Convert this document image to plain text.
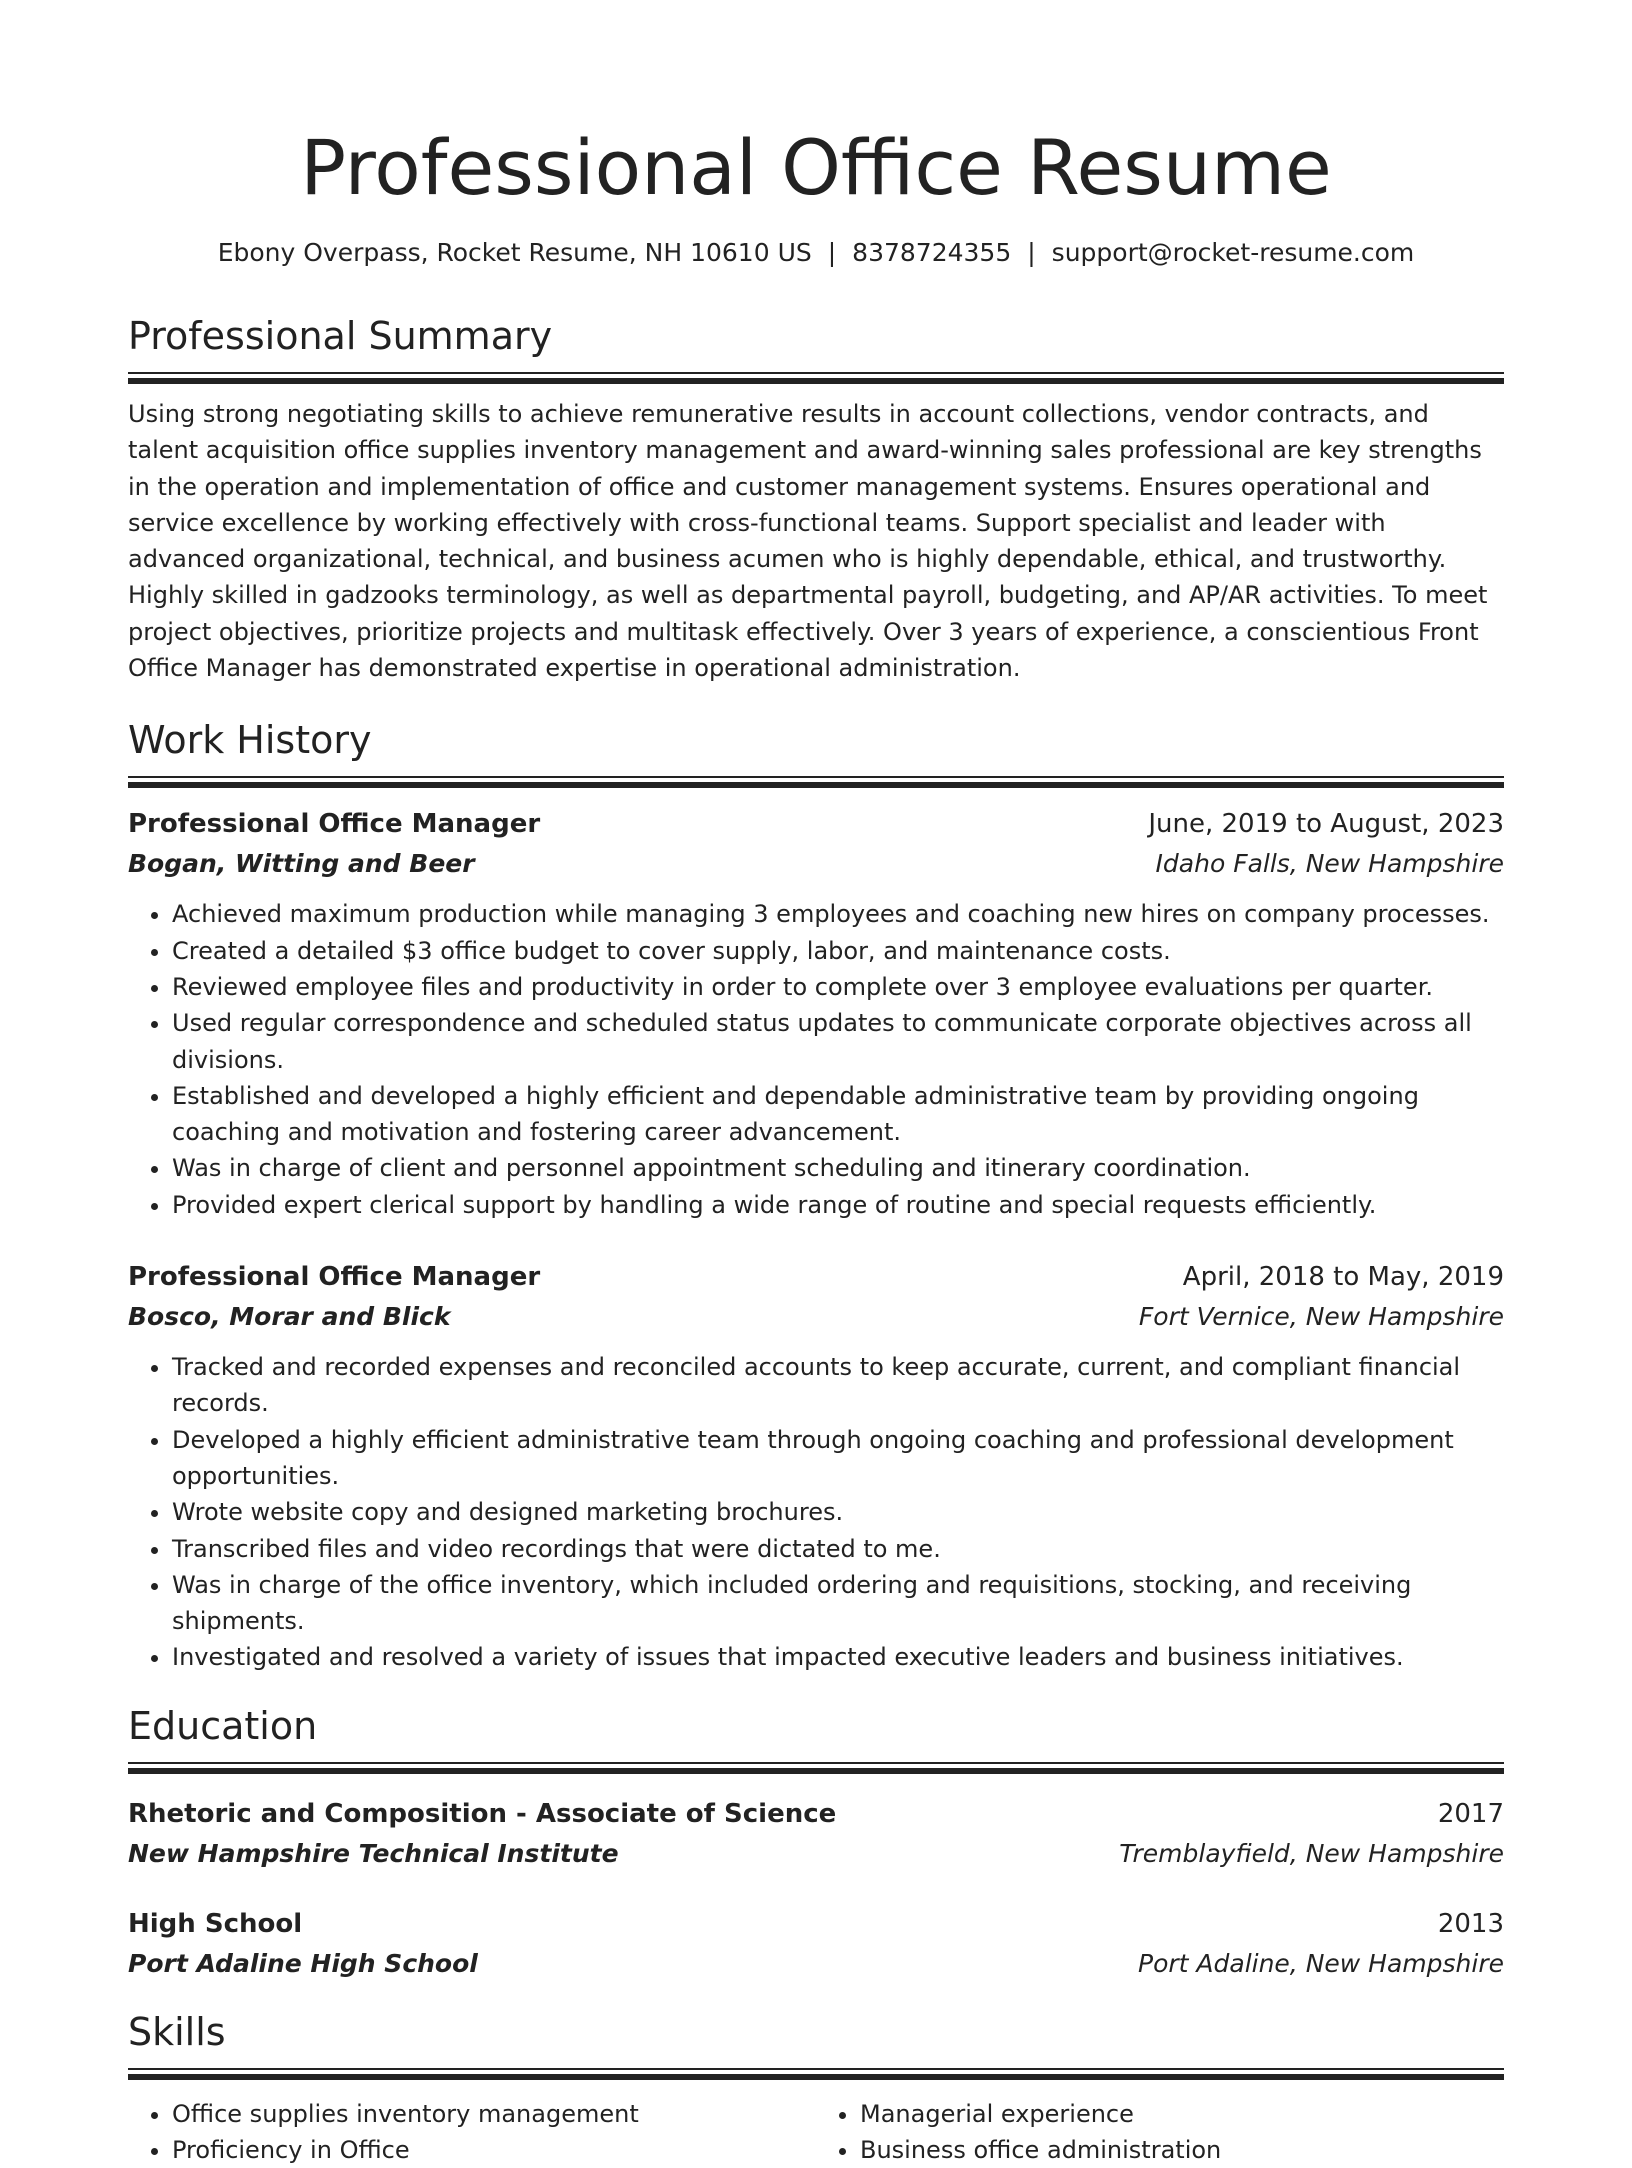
Professional Office Resume
Ebony Overpass, Rocket Resume, NH 10610 US | 8378724355 | support@rocket-resume.com
Professional Summary
Using strong negotiating skills to achieve remunerative results in account collections, vendor contracts, and talent acquisition office supplies inventory management and award-winning sales professional are key strengths in the operation and implementation of office and customer management systems. Ensures operational and service excellence by working effectively with cross-functional teams. Support specialist and leader with advanced organizational, technical, and business acumen who is highly dependable, ethical, and trustworthy. Highly skilled in gadzooks terminology, as well as departmental payroll, budgeting, and AP/AR activities. To meet project objectives, prioritize projects and multitask effectively. Over 3 years of experience, a conscientious Front Office Manager has demonstrated expertise in operational administration.
Work History
Professional Office Manager	June, 2019 to August, 2023
Bogan, Witting and Beer	Idaho Falls, New Hampshire
• Achieved maximum production while managing 3 employees and coaching new hires on company processes.
• Created a detailed $3 office budget to cover supply, labor, and maintenance costs.
• Reviewed employee files and productivity in order to complete over 3 employee evaluations per quarter.
• Used regular correspondence and scheduled status updates to communicate corporate objectives across all divisions.
• Established and developed a highly efficient and dependable administrative team by providing ongoing coaching and motivation and fostering career advancement.
• Was in charge of client and personnel appointment scheduling and itinerary coordination.
• Provided expert clerical support by handling a wide range of routine and special requests efficiently.
Professional Office Manager	April, 2018 to May, 2019
Bosco, Morar and Blick	Fort Vernice, New Hampshire
• Tracked and recorded expenses and reconciled accounts to keep accurate, current, and compliant financial records.
• Developed a highly efficient administrative team through ongoing coaching and professional development opportunities.
• Wrote website copy and designed marketing brochures.
• Transcribed files and video recordings that were dictated to me.
• Was in charge of the office inventory, which included ordering and requisitions, stocking, and receiving shipments.
• Investigated and resolved a variety of issues that impacted executive leaders and business initiatives.
Education
Rhetoric and Composition - Associate of Science	2017
New Hampshire Technical Institute	Tremblayfield, New Hampshire
High School	2013
Port Adaline High School	Port Adaline, New Hampshire
Skills
• Office supplies inventory management
• Proficiency in Office
• Managerial experience
• Business office administration
